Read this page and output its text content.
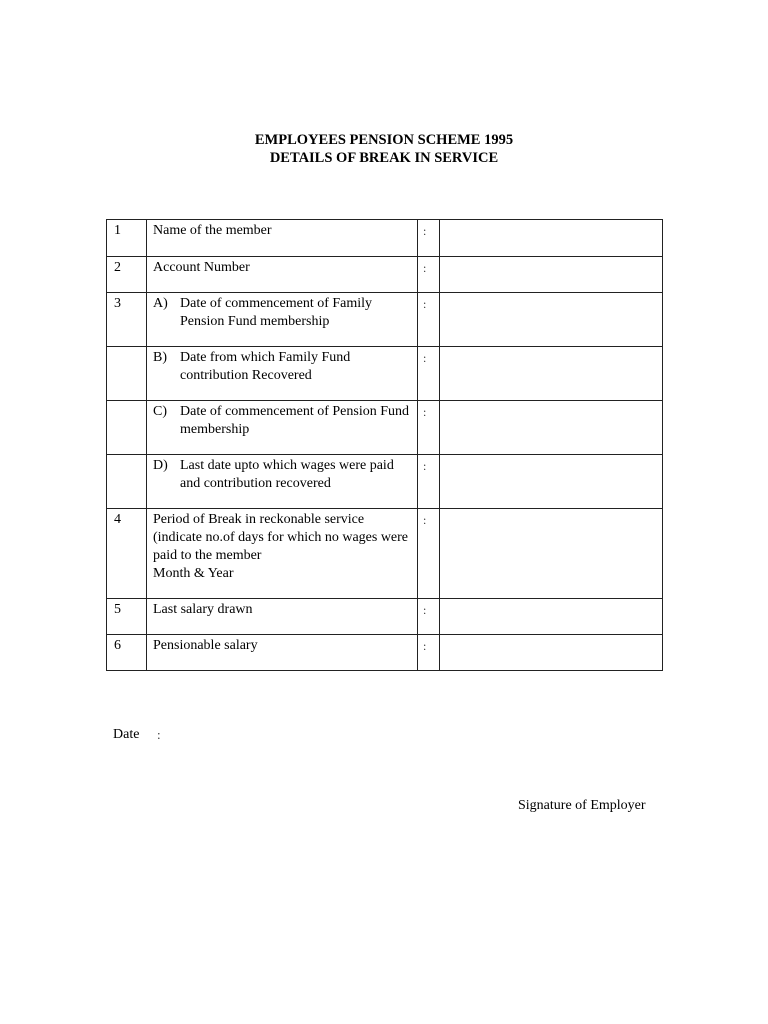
EMPLOYEES PENSION SCHEME 1995
DETAILS OF BREAK IN SERVICE
1	Name of the member	:	
2	Account Number	:	
3	A) Date of commencement of Family Pension Fund membership	:	

	B) Date from which Family Fund contribution Recovered	:	

	C) Date of commencement of Pension Fund membership	:	

	D) Last date upto which wages were paid and contribution recovered	:	
4	Period of Break in reckonable service (indicate no.of days for which no wages were paid to the member
Month & Year	:	
5	Last salary drawn	:	
6	Pensionable salary	:	
Date :
Signature of Employer
